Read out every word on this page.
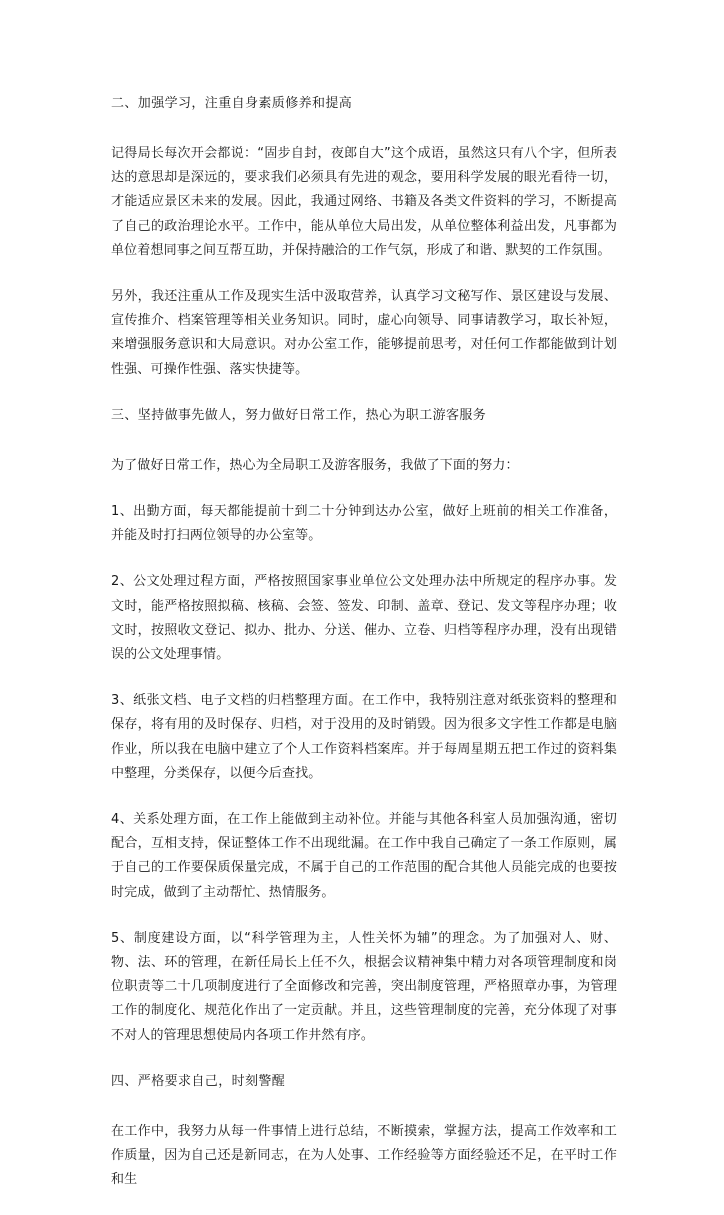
二、加强学习，注重自身素质修养和提高

记得局长每次开会都说：“固步自封，夜郎自大”这个成语，虽然这只有八个字，但所表达的意思却是深远的，要求我们必须具有先进的观念，要用科学发展的眼光看待一切，才能适应景区未来的发展。因此，我通过网络、书籍及各类文件资料的学习，不断提高了自己的政治理论水平。工作中，能从单位大局出发，从单位整体利益出发，凡事都为单位着想同事之间互帮互助，并保持融洽的工作气氛，形成了和谐、默契的工作氛围。

另外，我还注重从工作及现实生活中汲取营养，认真学习文秘写作、景区建设与发展、宣传推介、档案管理等相关业务知识。同时，虚心向领导、同事请教学习，取长补短，来增强服务意识和大局意识。对办公室工作，能够提前思考，对任何工作都能做到计划性强、可操作性强、落实快捷等。

三、坚持做事先做人，努力做好日常工作，热心为职工游客服务

为了做好日常工作，热心为全局职工及游客服务，我做了下面的努力：

1、出勤方面，每天都能提前十到二十分钟到达办公室，做好上班前的相关工作准备，并能及时打扫两位领导的办公室等。

2、公文处理过程方面，严格按照国家事业单位公文处理办法中所规定的程序办事。发文时，能严格按照拟稿、核稿、会签、签发、印制、盖章、登记、发文等程序办理；收文时，按照收文登记、拟办、批办、分送、催办、立卷、归档等程序办理，没有出现错误的公文处理事情。

3、纸张文档、电子文档的归档整理方面。在工作中，我特别注意对纸张资料的整理和保存，将有用的及时保存、归档，对于没用的及时销毁。因为很多文字性工作都是电脑作业，所以我在电脑中建立了个人工作资料档案库。并于每周星期五把工作过的资料集中整理，分类保存，以便今后查找。

4、关系处理方面，在工作上能做到主动补位。并能与其他各科室人员加强沟通，密切配合，互相支持，保证整体工作不出现纰漏。在工作中我自己确定了一条工作原则，属于自己的工作要保质保量完成，不属于自己的工作范围的配合其他人员能完成的也要按时完成，做到了主动帮忙、热情服务。

5、制度建设方面，以“科学管理为主，人性关怀为辅”的理念。为了加强对人、财、物、法、环的管理，在新任局长上任不久，根据会议精神集中精力对各项管理制度和岗位职责等二十几项制度进行了全面修改和完善，突出制度管理，严格照章办事，为管理工作的制度化、规范化作出了一定贡献。并且，这些管理制度的完善，充分体现了对事不对人的管理思想使局内各项工作井然有序。

四、严格要求自己，时刻警醒

在工作中，我努力从每一件事情上进行总结，不断摸索，掌握方法，提高工作效率和工作质量，因为自己还是新同志，在为人处事、工作经验等方面经验还不足，在平时工作和生
